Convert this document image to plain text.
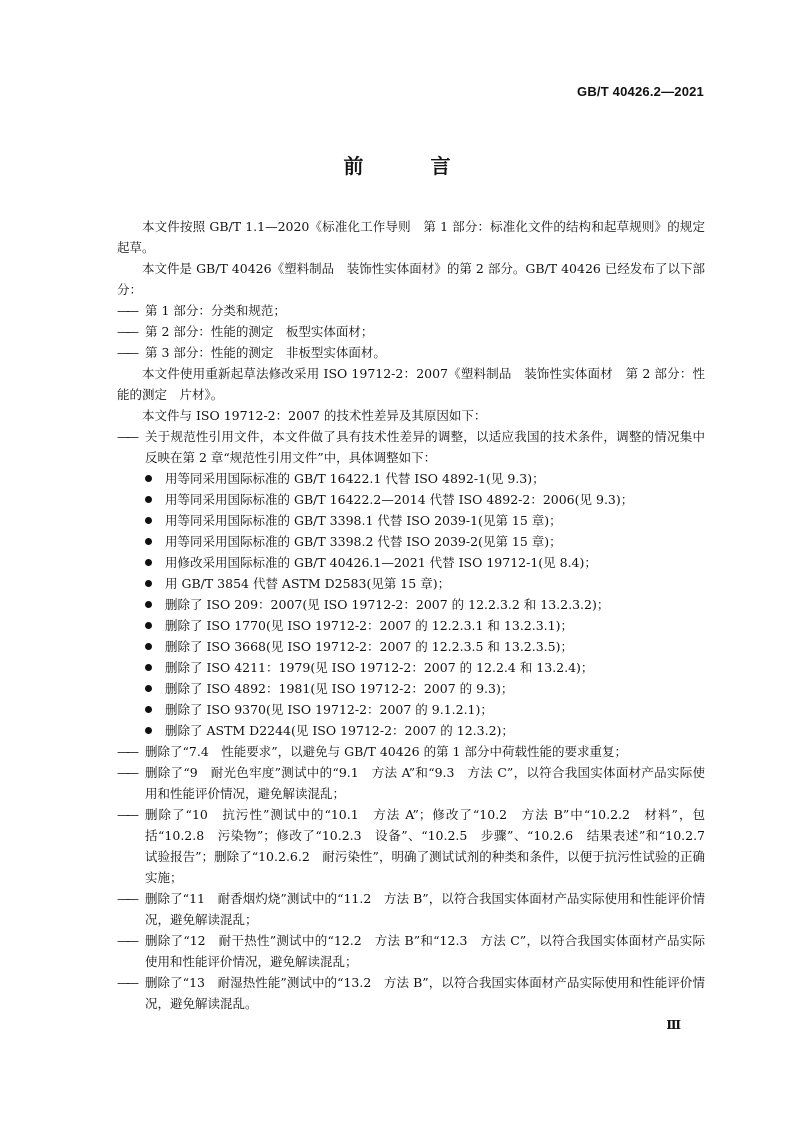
GB/T 40426.2—2021
前 言

本文件按照 GB/T 1.1—2020《标准化工作导则　第 1 部分：标准化文件的结构和起草规则》的规定起草。

本文件是 GB/T 40426《塑料制品　装饰性实体面材》的第 2 部分。GB/T 40426 已经发布了以下部分：

—— 第 1 部分：分类和规范；

—— 第 2 部分：性能的测定　板型实体面材；

—— 第 3 部分：性能的测定　非板型实体面材。

本文件使用重新起草法修改采用 ISO 19712-2：2007《塑料制品　装饰性实体面材　第 2 部分：性能的测定　片材》。

本文件与 ISO 19712-2：2007 的技术性差异及其原因如下：

—— 关于规范性引用文件，本文件做了具有技术性差异的调整，以适应我国的技术条件，调整的情况集中反映在第 2 章“规范性引用文件”中，具体调整如下：

用等同采用国际标准的 GB/T 16422.1 代替 ISO 4892-1(见 9.3)；
用等同采用国际标准的 GB/T 16422.2—2014 代替 ISO 4892-2：2006(见 9.3)；
用等同采用国际标准的 GB/T 3398.1 代替 ISO 2039-1(见第 15 章)；
用等同采用国际标准的 GB/T 3398.2 代替 ISO 2039-2(见第 15 章)；
用修改采用国际标准的 GB/T 40426.1—2021 代替 ISO 19712-1(见 8.4)；
用 GB/T 3854 代替 ASTM D2583(见第 15 章)；
删除了 ISO 209：2007(见 ISO 19712-2：2007 的 12.2.3.2 和 13.2.3.2)；
删除了 ISO 1770(见 ISO 19712-2：2007 的 12.2.3.1 和 13.2.3.1)；
删除了 ISO 3668(见 ISO 19712-2：2007 的 12.2.3.5 和 13.2.3.5)；
删除了 ISO 4211：1979(见 ISO 19712-2：2007 的 12.2.4 和 13.2.4)；
删除了 ISO 4892：1981(见 ISO 19712-2：2007 的 9.3)；
删除了 ISO 9370(见 ISO 19712-2：2007 的 9.1.2.1)；
删除了 ASTM D2244(见 ISO 19712-2：2007 的 12.3.2)；

—— 删除了“7.4　性能要求”，以避免与 GB/T 40426 的第 1 部分中荷载性能的要求重复；

—— 删除了“9　耐光色牢度”测试中的“9.1　方法 A”和“9.3　方法 C”，以符合我国实体面材产品实际使用和性能评价情况，避免解读混乱；

—— 删除了“10　抗污性”测试中的“10.1　方法 A”；修改了“10.2　方法 B”中“10.2.2　材料”，包括“10.2.8　污染物”；修改了“10.2.3　设备”、“10.2.5　步骤”、“10.2.6　结果表述”和“10.2.7　试验报告”；删除了“10.2.6.2　耐污染性”，明确了测试试剂的种类和条件，以便于抗污性试验的正确实施；

—— 删除了“11　耐香烟灼烧”测试中的“11.2　方法 B”，以符合我国实体面材产品实际使用和性能评价情况，避免解读混乱；

—— 删除了“12　耐干热性”测试中的“12.2　方法 B”和“12.3　方法 C”，以符合我国实体面材产品实际使用和性能评价情况，避免解读混乱；

—— 删除了“13　耐湿热性能”测试中的“13.2　方法 B”，以符合我国实体面材产品实际使用和性能评价情况，避免解读混乱。

Ⅲ
